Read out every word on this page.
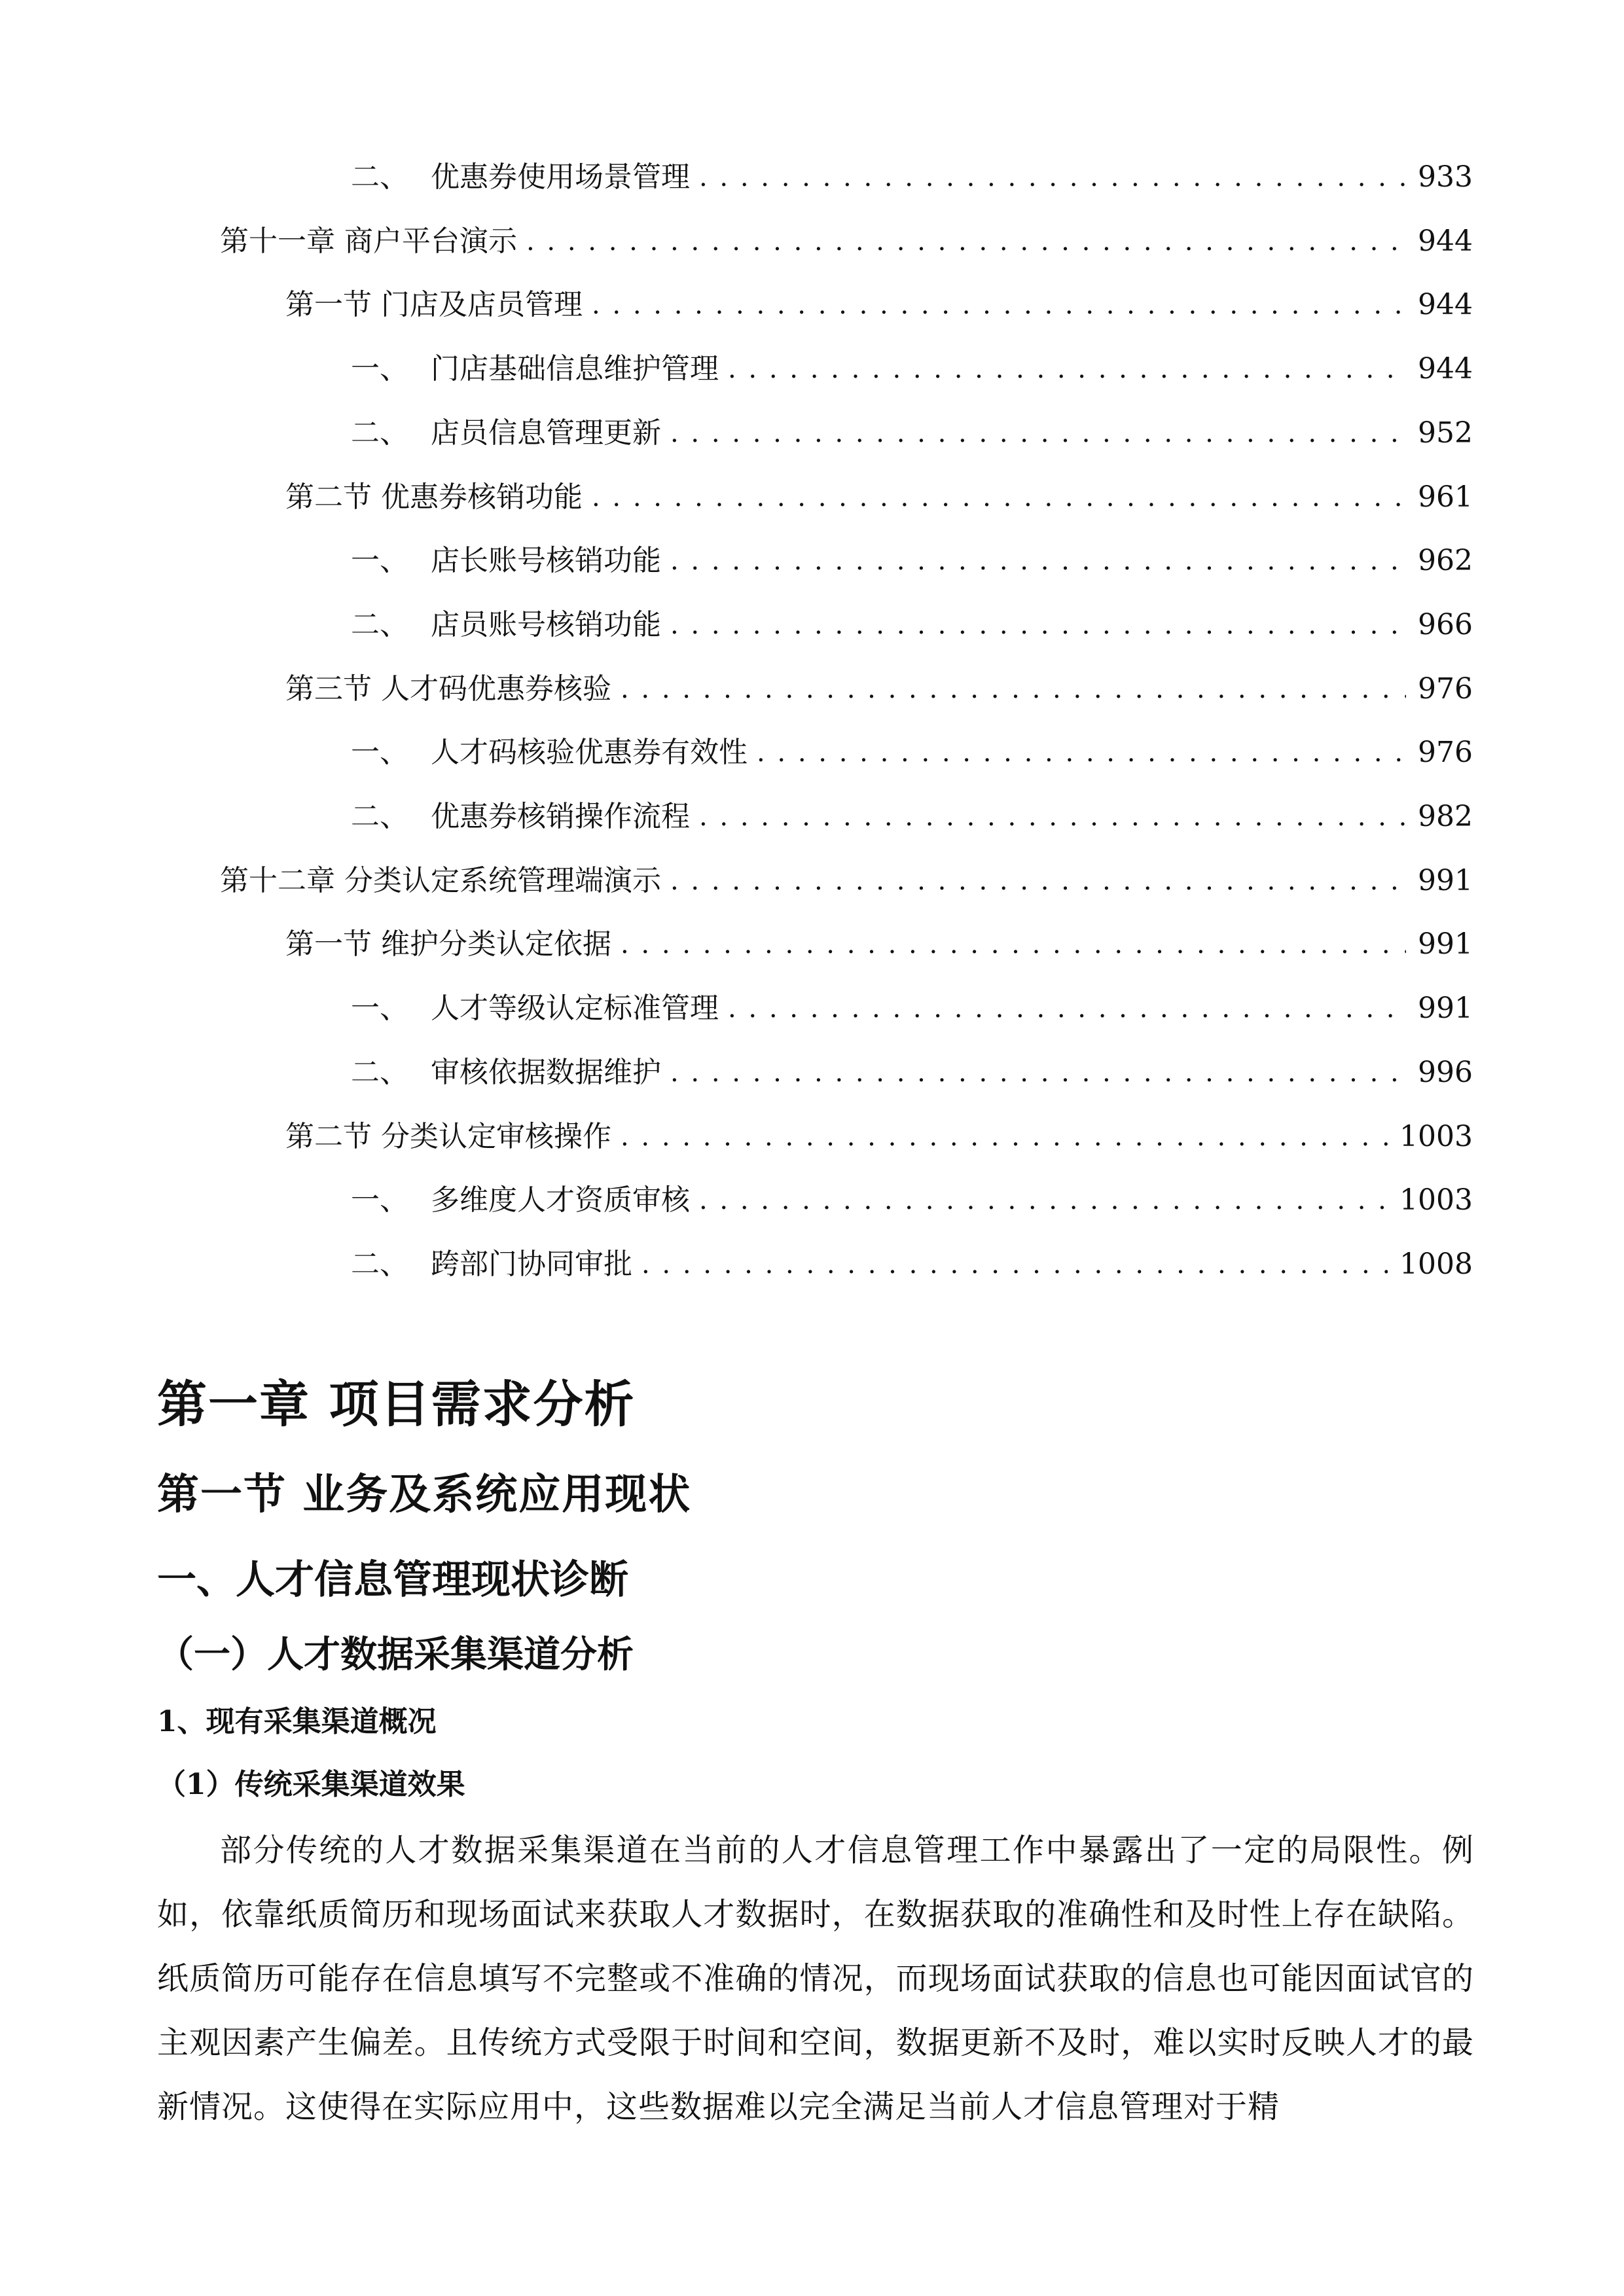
二、 优惠券使用场景管理 . . .	933
第十一章 商户平台演示 . . .	944
第一节 门店及店员管理 . . .	944
一、 门店基础信息维护管理 . . .	944
二、 店员信息管理更新 . . .	952
第二节 优惠券核销功能 . . .	961
一、 店长账号核销功能 . . .	962
二、 店员账号核销功能 . . .	966
第三节 人才码优惠券核验 . . .	976
一、 人才码核验优惠券有效性 . . .	976
二、 优惠券核销操作流程 . . .	982
第十二章 分类认定系统管理端演示 . . .	991
第一节 维护分类认定依据 . . .	991
一、 人才等级认定标准管理 . . .	991
二、 审核依据数据维护 . . .	996
第二节 分类认定审核操作 . . .	1003
一、 多维度人才资质审核 . . .	1003
二、 跨部门协同审批 . . .	1008
第一章 项目需求分析
第一节 业务及系统应用现状
一、人才信息管理现状诊断
（一）人才数据采集渠道分析
1、现有采集渠道概况
（1）传统采集渠道效果

部分传统的人才数据采集渠道在当前的人才信息管理工作中暴露出了一定的局限性。例如，依靠纸质简历和现场面试来获取人才数据时，在数据获取的准确性和及时性上存在缺陷。纸质简历可能存在信息填写不完整或不准确的情况，而现场面试获取的信息也可能因面试官的主观因素产生偏差。且传统方式受限于时间和空间，数据更新不及时，难以实时反映人才的最新情况。这使得在实际应用中，这些数据难以完全满足当前人才信息管理对于精
